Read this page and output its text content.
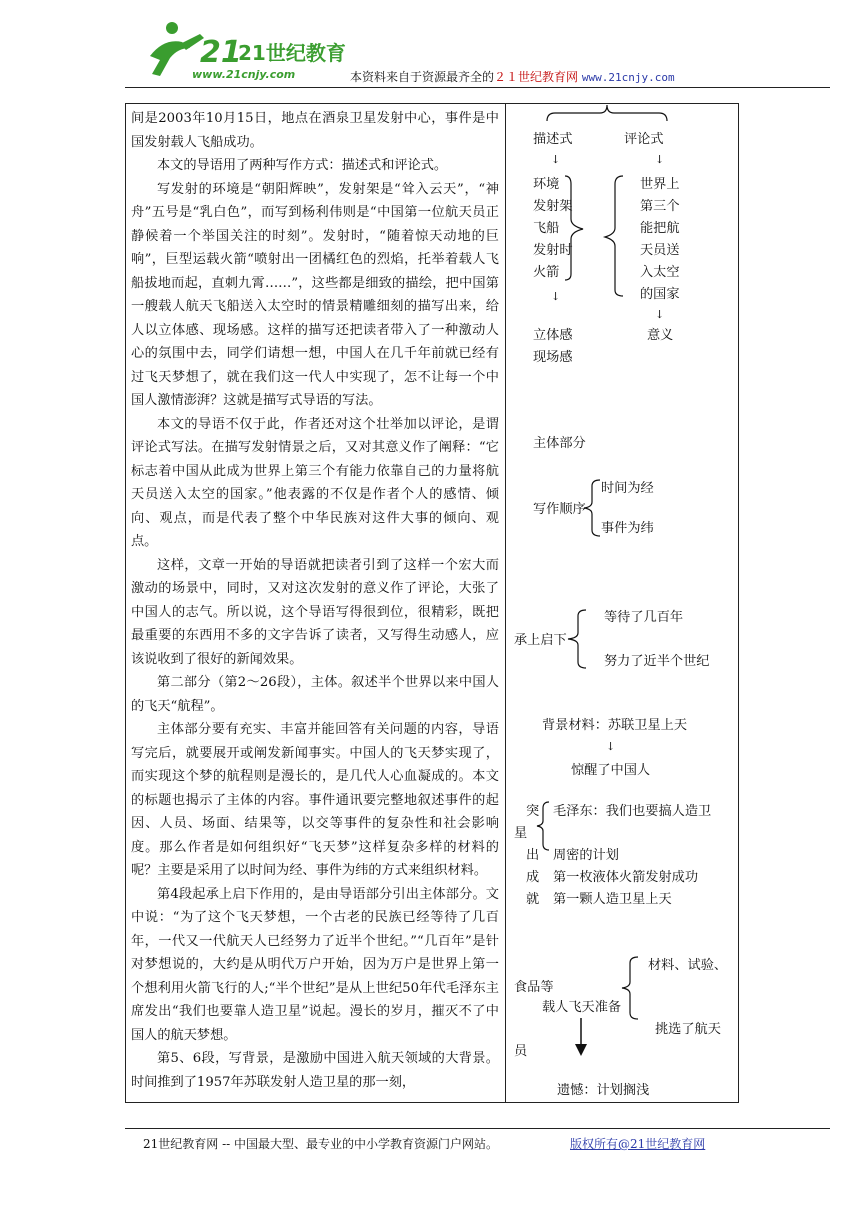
21
21世纪教育
www.21cnjy.com	本资料来自于资源最齐全的２１世纪教育网 www.21cnjy.com

间是2003年10月15日，地点在酒泉卫星发射中心，事件是中国发射载人飞船成功。

本文的导语用了两种写作方式：描述式和评论式。

写发射的环境是“朝阳辉映”，发射架是“耸入云天”，“神舟”五号是“乳白色”，而写到杨利伟则是“中国第一位航天员正静候着一个举国关注的时刻”。发射时，“随着惊天动地的巨响”，巨型运载火箭“喷射出一团橘红色的烈焰，托举着载人飞船拔地而起，直刺九霄……”，这些都是细致的描绘，把中国第一艘载人航天飞船送入太空时的情景精雕细刻的描写出来，给人以立体感、现场感。这样的描写还把读者带入了一种激动人心的氛围中去，同学们请想一想，中国人在几千年前就已经有过飞天梦想了，就在我们这一代人中实现了，怎不让每一个中国人激情澎湃？这就是描写式导语的写法。

本文的导语不仅于此，作者还对这个壮举加以评论，是谓评论式写法。在描写发射情景之后，又对其意义作了阐释：“它标志着中国从此成为世界上第三个有能力依靠自己的力量将航天员送入太空的国家。”他表露的不仅是作者个人的感情、倾向、观点，而是代表了整个中华民族对这件大事的倾向、观点。

这样，文章一开始的导语就把读者引到了这样一个宏大而激动的场景中，同时，又对这次发射的意义作了评论，大张了中国人的志气。所以说，这个导语写得很到位，很精彩，既把最重要的东西用不多的文字告诉了读者，又写得生动感人，应该说收到了很好的新闻效果。

第二部分（第2～26段），主体。叙述半个世界以来中国人的飞天“航程”。

主体部分要有充实、丰富并能回答有关问题的内容，导语写完后，就要展开或阐发新闻事实。中国人的飞天梦实现了，而实现这个梦的航程则是漫长的，是几代人心血凝成的。本文的标题也揭示了主体的内容。事件通讯要完整地叙述事件的起因、人员、场面、结果等，以交等事件的复杂性和社会影响度。那么作者是如何组织好“飞天梦”这样复杂多样的材料的呢？主要是采用了以时间为经、事件为纬的方式来组织材料。

第4段起承上启下作用的，是由导语部分引出主体部分。文中说：“为了这个飞天梦想，一个古老的民族已经等待了几百年，一代又一代航天人已经努力了近半个世纪。”“几百年”是针对梦想说的，大约是从明代万户开始，因为万户是世界上第一个想利用火箭飞行的人;“半个世纪”是从上世纪50年代毛泽东主席发出“我们也要靠人造卫星”说起。漫长的岁月，摧灭不了中国人的航天梦想。

第5、6段，写背景，是激励中国进入航天领域的大背景。时间推到了1957年苏联发射人造卫星的那一刻，

描述式	评论式
↓	↓
环境
发射架
飞船
发射时
火箭
世界上
第三个
能把航
天员送
入太空
的国家
↓
↓
立体感
现场感
意义
主体部分
写作顺序
时间为经
事件为纬
承上启下
等待了几百年
努力了近半个世纪
背景材料：苏联卫星上天
↓
惊醒了中国人
突
星
出
成
就
毛泽东：我们也要搞人造卫
周密的计划
第一枚液体火箭发射成功
第一颗人造卫星上天
材料、试验、
食品等
载人飞天准备
挑选了航天
员
遗憾：计划搁浅
21世纪教育网 -- 中国最大型、最专业的中小学教育资源门户网站。	版权所有@21世纪教育网
